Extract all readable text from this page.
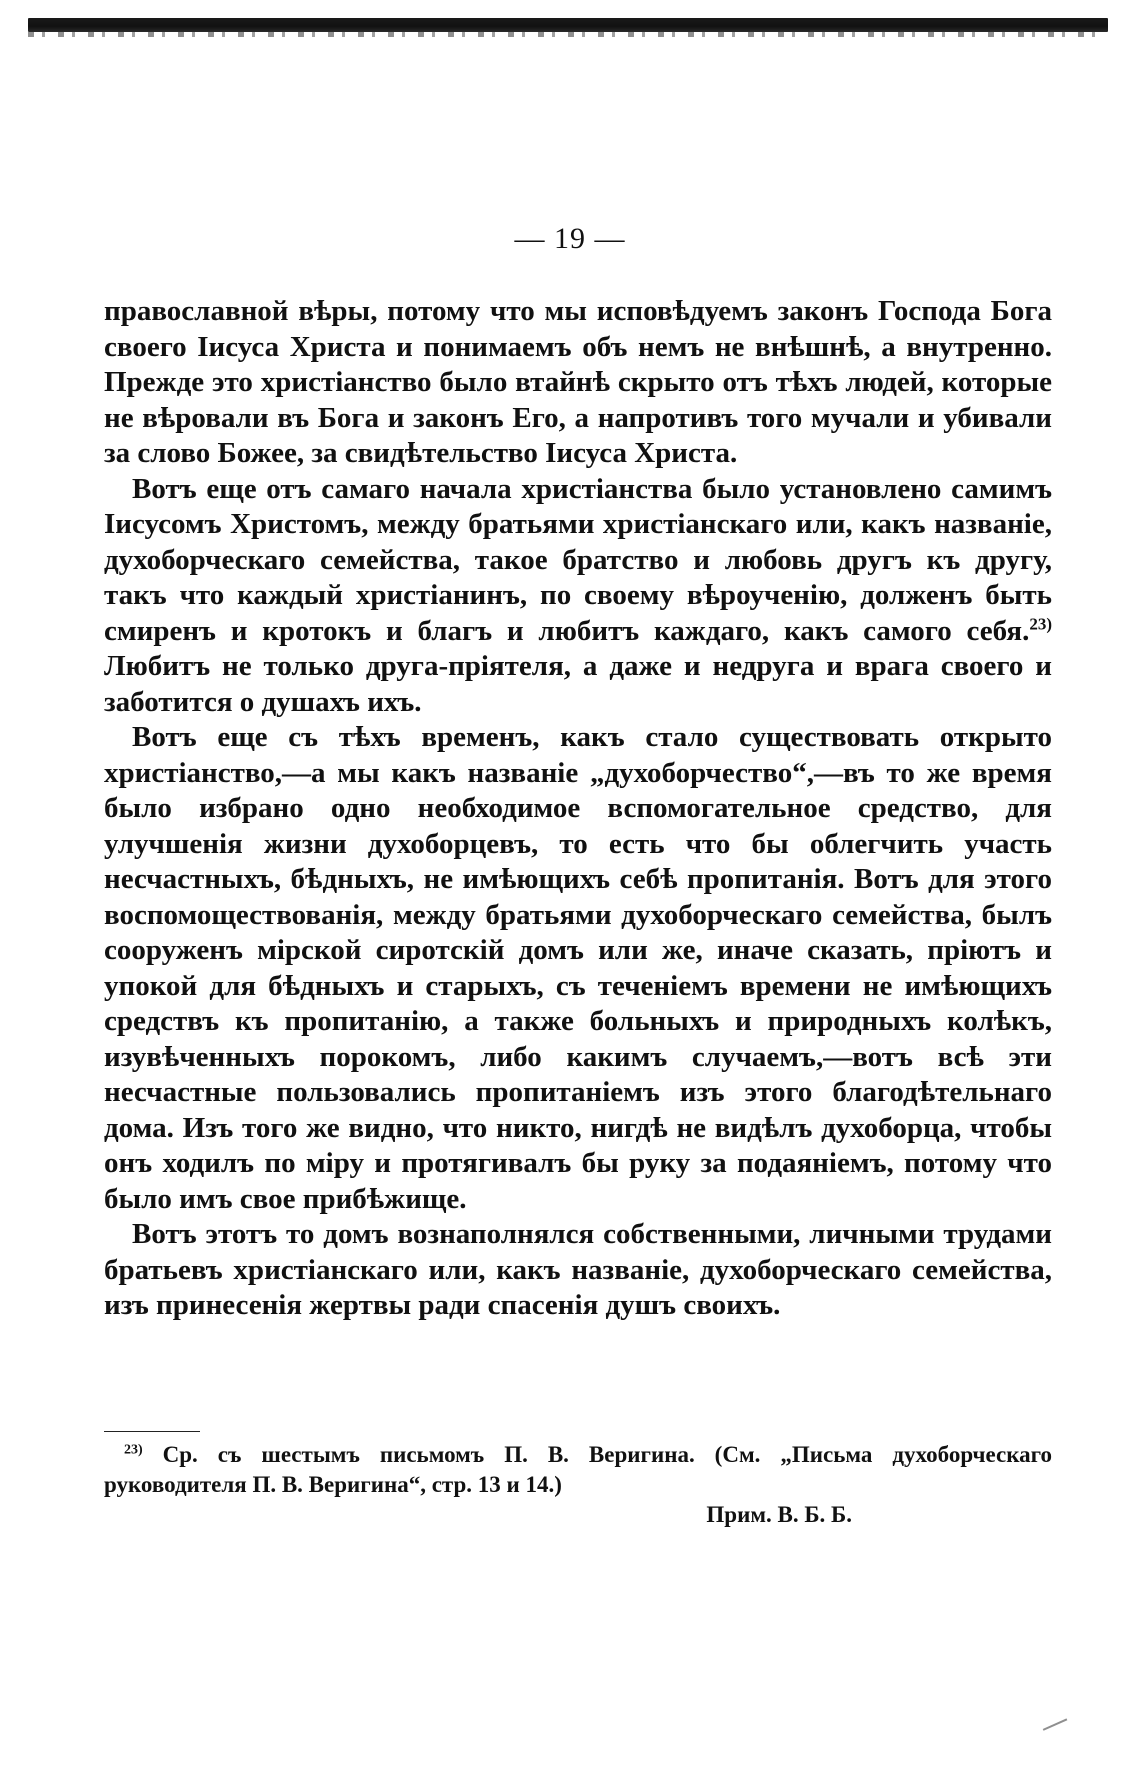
— 19 —

православной вѣры, потому что мы исповѣдуемъ законъ Господа Бога своего Іисуса Христа и понимаемъ объ немъ не внѣшнѣ, а внутренно. Прежде это христіанство было втайнѣ скрыто отъ тѣхъ людей, которые не вѣровали въ Бога и законъ Его, а напротивъ того мучали и убивали за слово Божее, за свидѣтельство Іисуса Христа.

Вотъ еще отъ самаго начала христіанства было установлено самимъ Іисусомъ Христомъ, между братьями христіанскаго или, какъ названіе, духоборческаго семейства, такое братство и любовь другъ къ другу, такъ что каждый христіанинъ, по своему вѣроученію, долженъ быть смиренъ и кротокъ и благъ и любитъ каждаго, какъ самого себя.$^{23)}$ Любитъ не только друга-пріятеля, а даже и недруга и врага своего и заботится о душахъ ихъ.

Вотъ еще съ тѣхъ временъ, какъ стало существовать открыто христіанство,—а мы какъ названіе „духоборчество“,—въ то же время было избрано одно необходимое вспомогательное средство, для улучшенія жизни духоборцевъ, то есть что бы облегчить участь несчастныхъ, бѣдныхъ, не имѣющихъ себѣ пропитанія. Вотъ для этого воспомоществованія, между братьями духоборческаго семейства, былъ сооруженъ мірской сиротскій домъ или же, иначе сказать, пріютъ и упокой для бѣдныхъ и старыхъ, съ теченіемъ времени не имѣющихъ средствъ къ пропитанію, а также больныхъ и природныхъ колѣкъ, изувѣченныхъ порокомъ, либо какимъ случаемъ,—вотъ всѣ эти несчастные пользовались пропитаніемъ изъ этого благодѣтельнаго дома. Изъ того же видно, что никто, нигдѣ не видѣлъ духоборца, чтобы онъ ходилъ по міру и протягивалъ бы руку за подаяніемъ, потому что было имъ свое прибѣжище.

Вотъ этотъ то домъ вознаполнялся собственными, личными трудами братьевъ христіанскаго или, какъ названіе, духоборческаго семейства, изъ принесенія жертвы ради спасенія душъ своихъ.

$^{23)}$ Ср. съ шестымъ письмомъ П. В. Веригина. (См. „Письма духоборческаго руководителя П. В. Веригина“, стр. 13 и 14.)
Прим. В. Б. Б.
